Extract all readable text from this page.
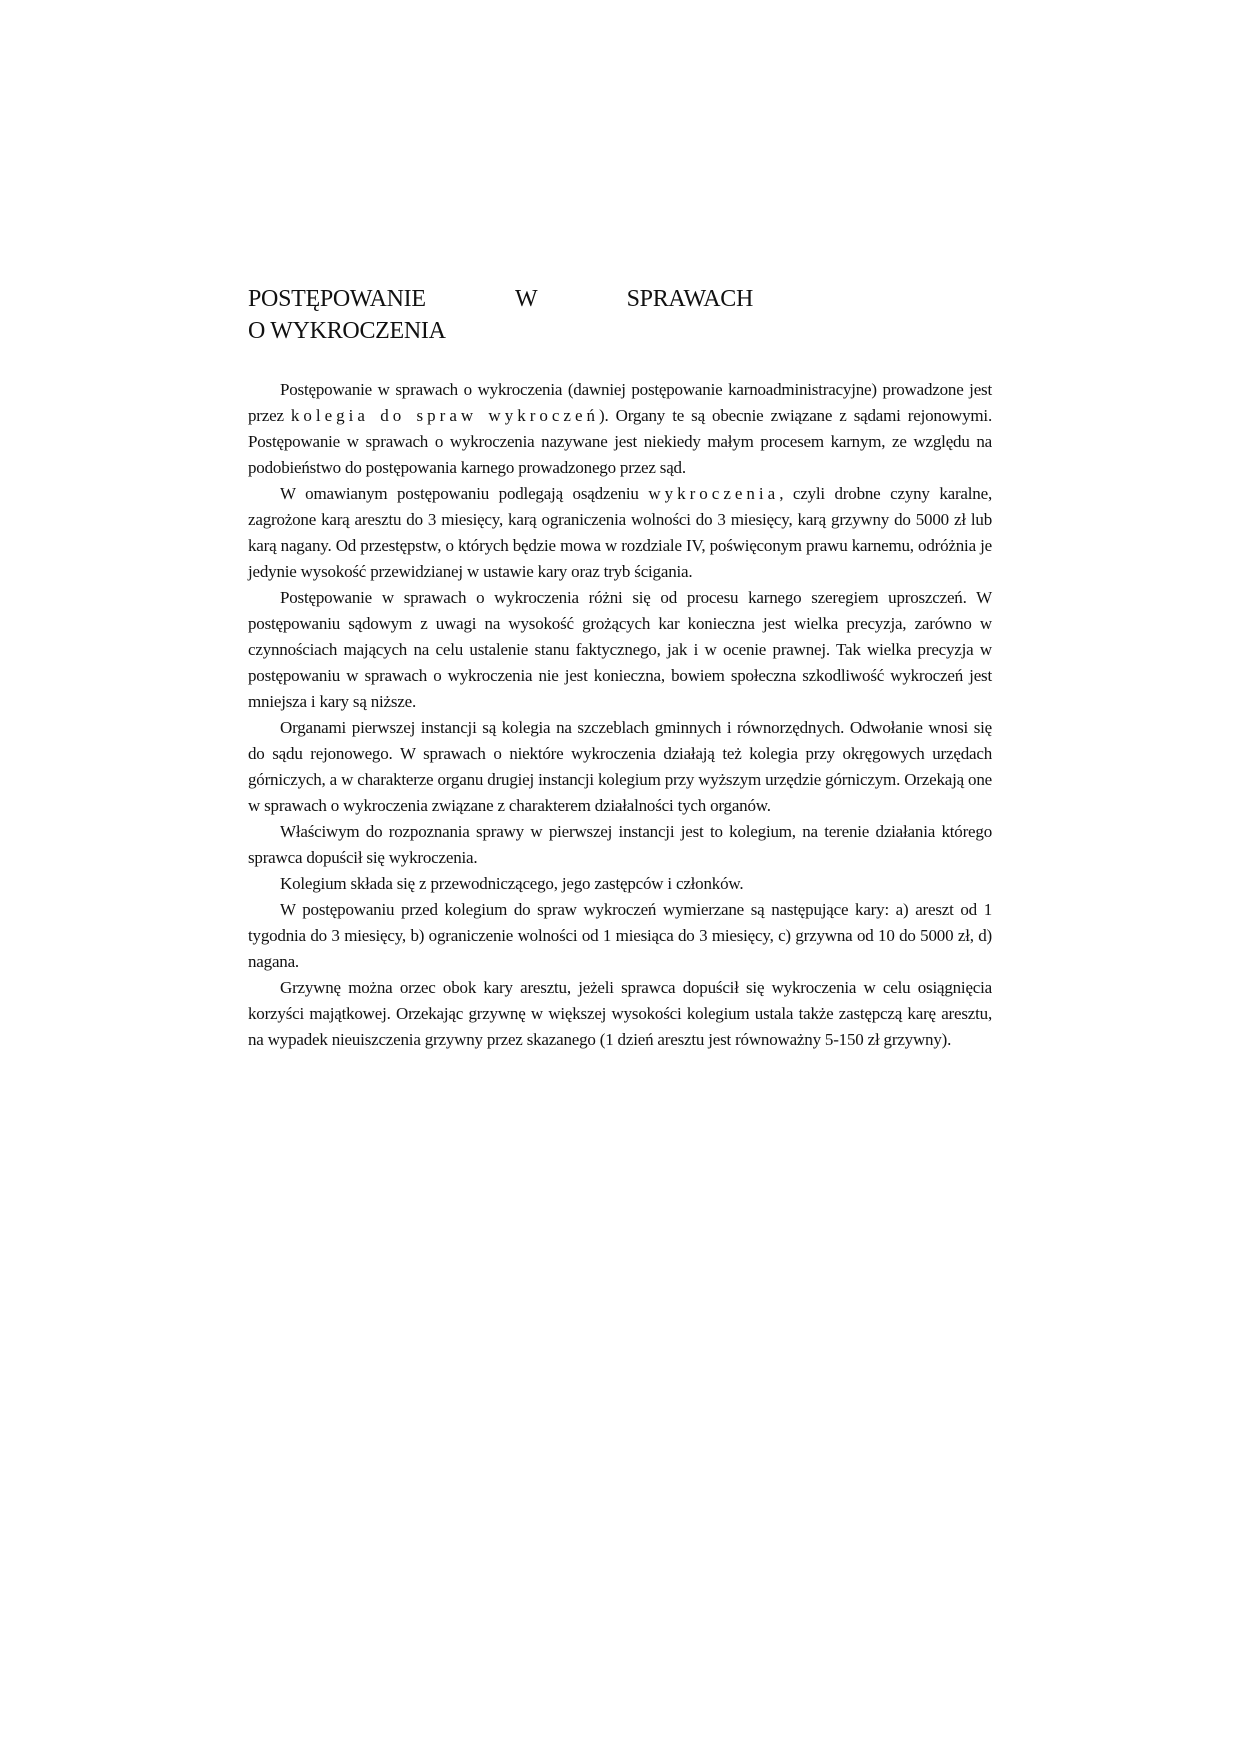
POSTĘPOWANIE	W	SPRAWACH
O WYKROCZENIA

Postępowanie w sprawach o wykroczenia (dawniej postępowanie karnoadministracyjne) prowadzone jest przez kolegia do spraw wykroczeń). Organy te są obecnie związane z sądami rejonowymi. Postępowanie w sprawach o wykroczenia nazywane jest niekiedy małym procesem karnym, ze względu na podobieństwo do postępowania karnego prowadzonego przez sąd.

W omawianym postępowaniu podlegają osądzeniu wykroczenia, czyli drobne czyny karalne, zagrożone karą aresztu do 3 miesięcy, karą ograniczenia wolności do 3 miesięcy, karą grzywny do 5000 zł lub karą nagany. Od przestępstw, o których będzie mowa w rozdziale IV, poświęconym prawu karnemu, odróżnia je jedynie wysokość przewidzianej w ustawie kary oraz tryb ścigania.

Postępowanie w sprawach o wykroczenia różni się od procesu karnego szeregiem uproszczeń. W postępowaniu sądowym z uwagi na wysokość grożących kar konieczna jest wielka precyzja, zarówno w czynnościach mających na celu ustalenie stanu faktycznego, jak i w ocenie prawnej. Tak wielka precyzja w postępowaniu w sprawach o wykroczenia nie jest konieczna, bowiem społeczna szkodliwość wykroczeń jest mniejsza i kary są niższe.

Organami pierwszej instancji są kolegia na szczeblach gminnych i równorzędnych. Odwołanie wnosi się do sądu rejonowego. W sprawach o niektóre wykroczenia działają też kolegia przy okręgowych urzędach górniczych, a w charakterze organu drugiej instancji kolegium przy wyższym urzędzie górniczym. Orzekają one w sprawach o wykroczenia związane z charakterem działalności tych organów.

Właściwym do rozpoznania sprawy w pierwszej instancji jest to kolegium, na terenie działania którego sprawca dopuścił się wykroczenia.

Kolegium składa się z przewodniczącego, jego zastępców i członków.

W postępowaniu przed kolegium do spraw wykroczeń wymierzane są następujące kary: a) areszt od 1 tygodnia do 3 miesięcy, b) ograniczenie wolności od 1 miesiąca do 3 miesięcy, c) grzywna od 10 do 5000 zł, d) nagana.

Grzywnę można orzec obok kary aresztu, jeżeli sprawca dopuścił się wykroczenia w celu osiągnięcia korzyści majątkowej. Orzekając grzywnę w większej wysokości kolegium ustala także zastępczą karę aresztu, na wypadek nieuiszczenia grzywny przez skazanego (1 dzień aresztu jest równoważny 5-150 zł grzywny).
